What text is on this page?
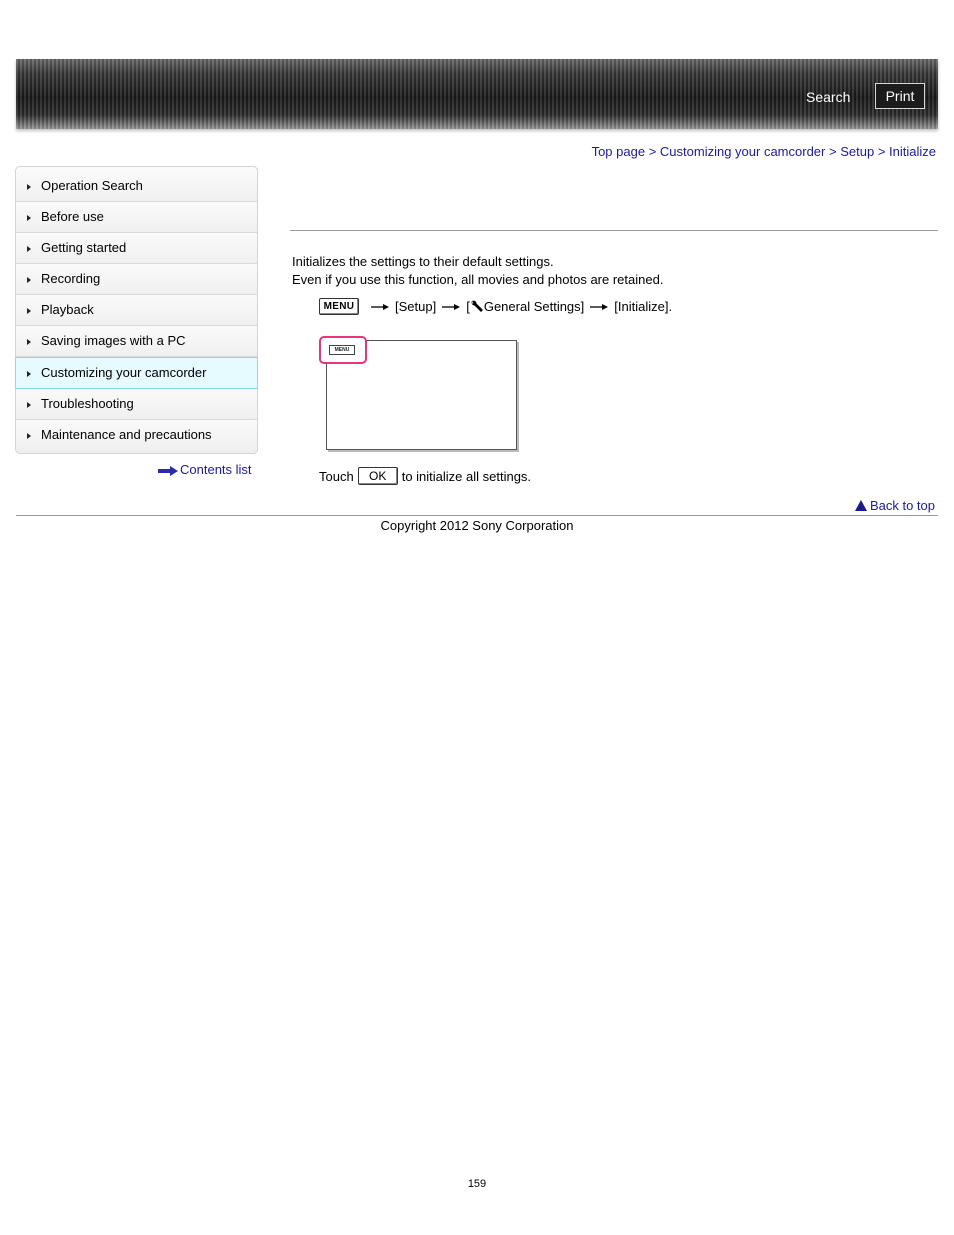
Search	Print
Top page > Customizing your camcorder > Setup > Initialize
Operation Search
Before use
Getting started
Recording
Playback
Saving images with a PC
Customizing your camcorder
Troubleshooting
Maintenance and precautions
Contents list
Initializes the settings to their default settings.
Even if you use this function, all movies and photos are retained.
MENU	[Setup] [ General Settings] [Initialize].
MENU
Touch	OK	to initialize all settings.
Back to top
Copyright 2012 Sony Corporation
159
